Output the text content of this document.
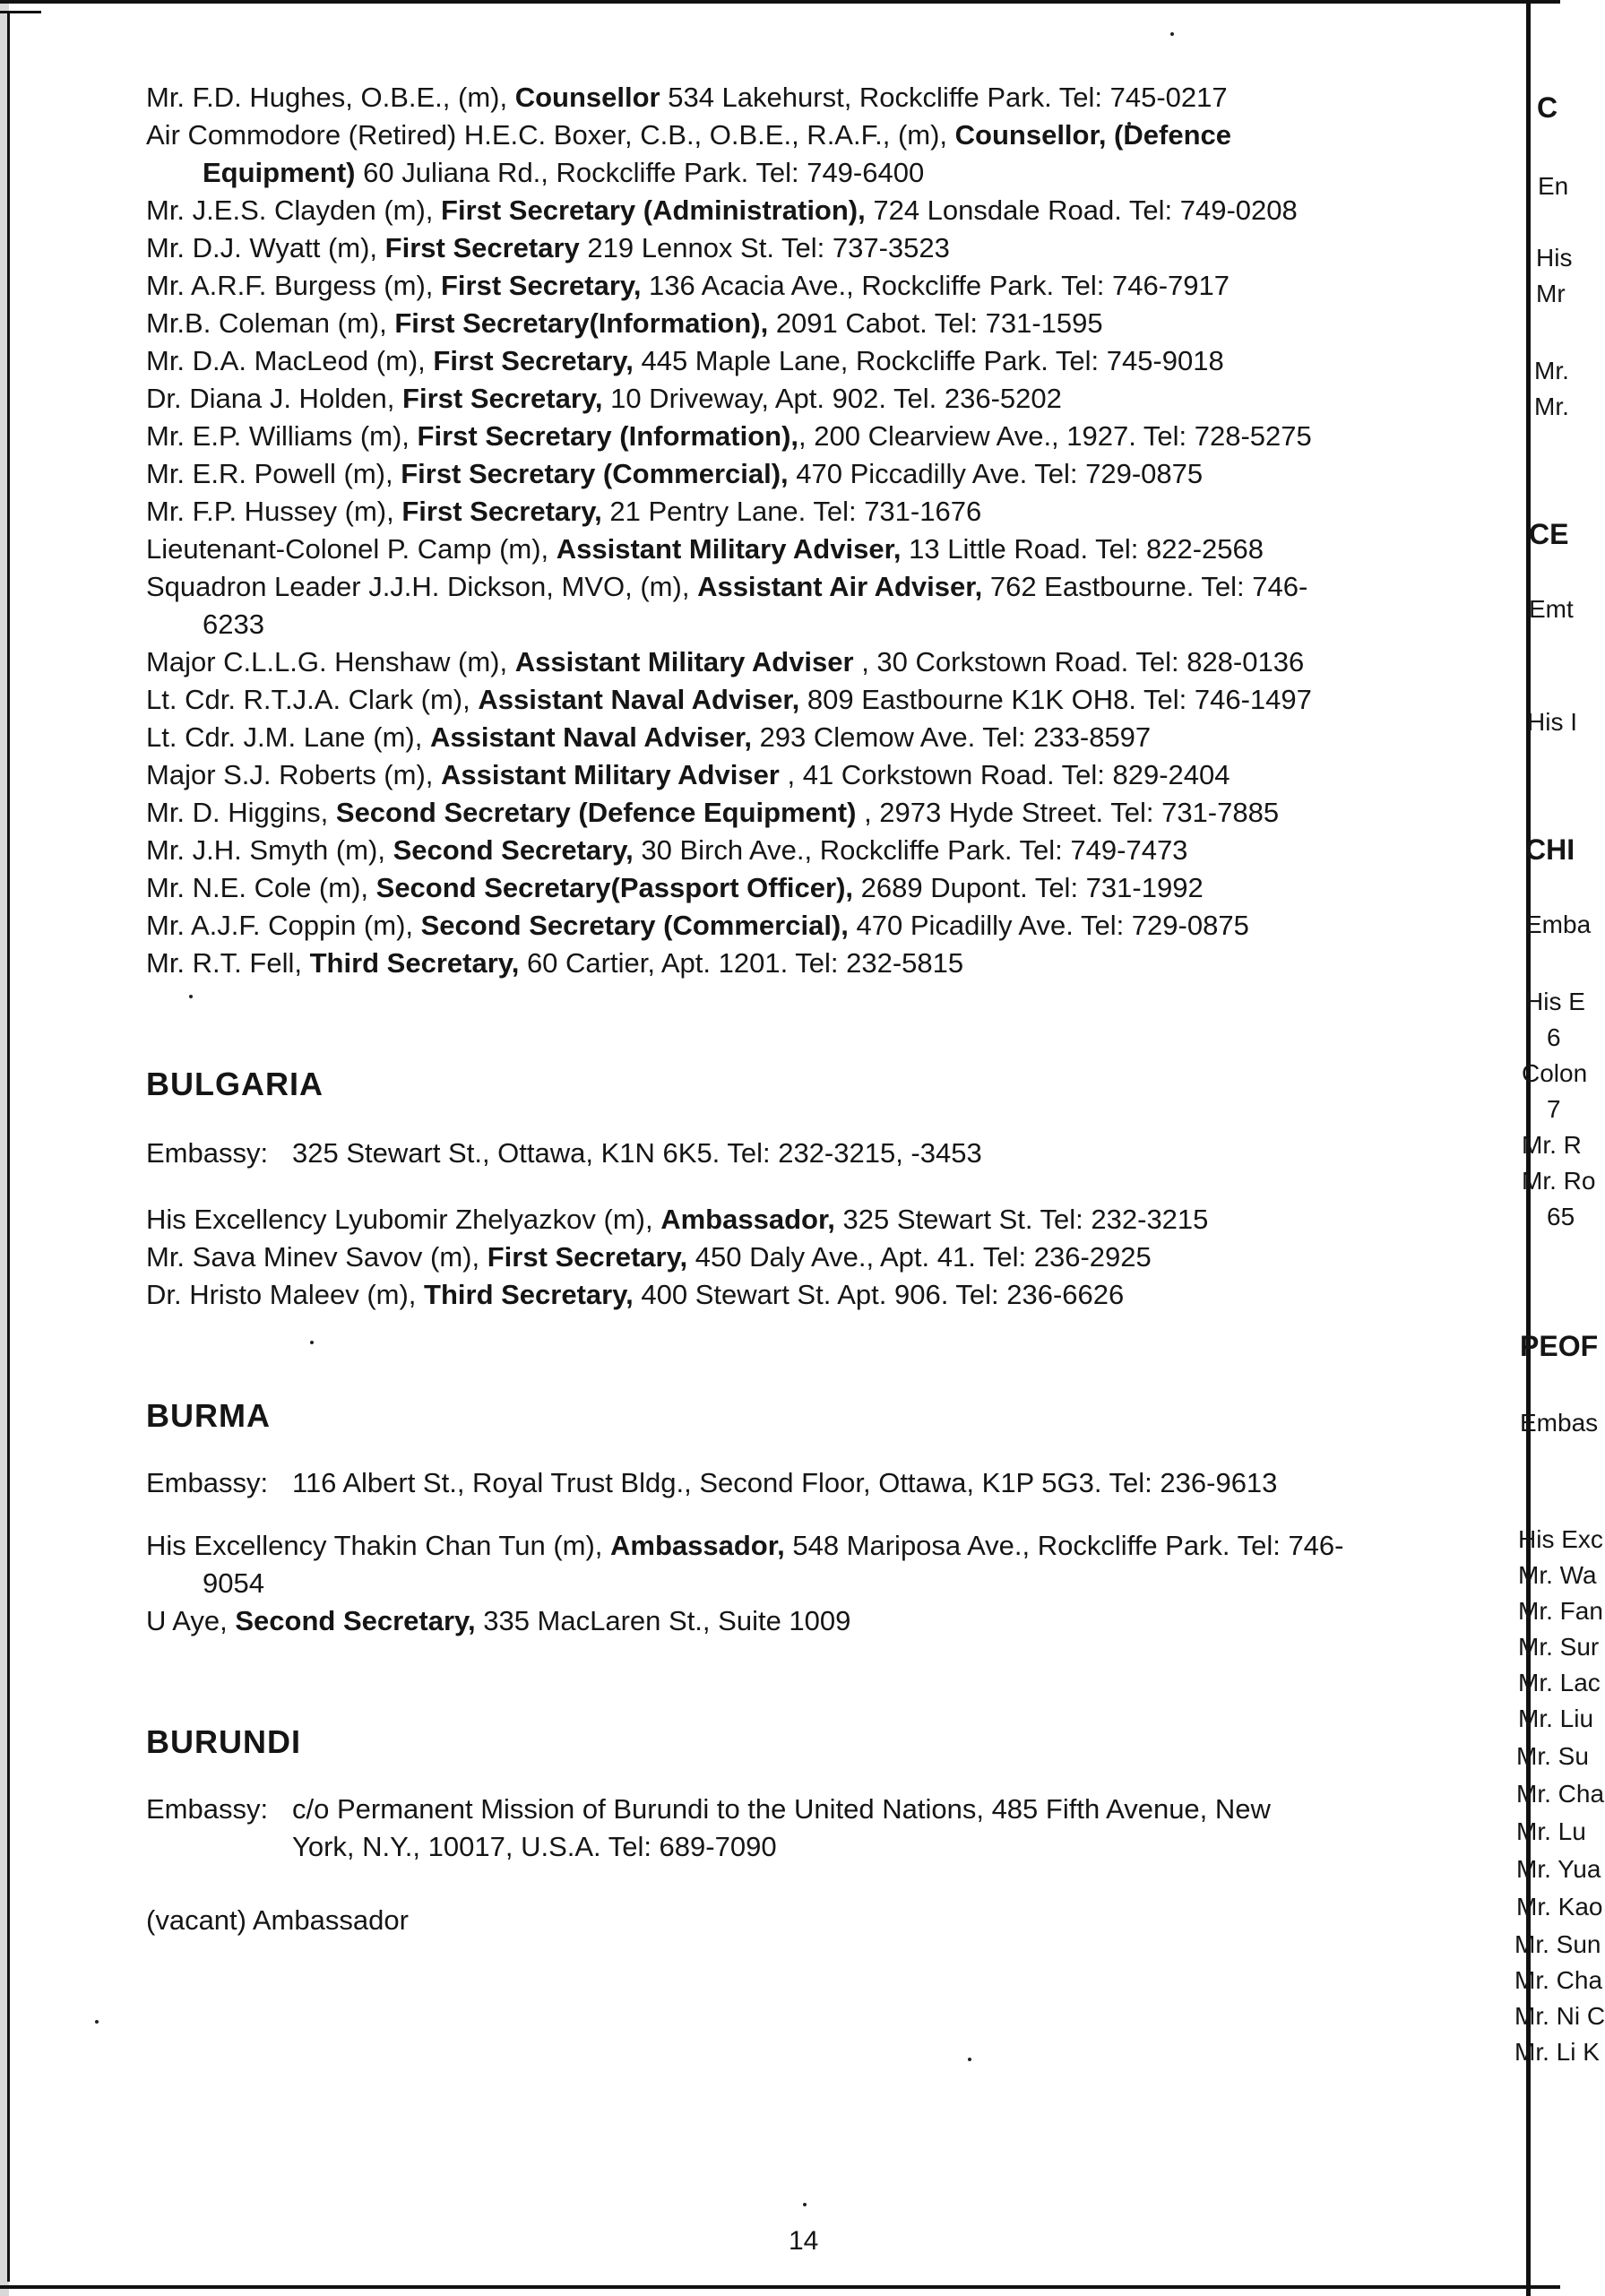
Mr. F.D. Hughes, O.B.E., (m), Counsellor 534 Lakehurst, Rockcliffe Park. Tel: 745-0217

Air Commodore (Retired) H.E.C. Boxer, C.B., O.B.E., R.A.F., (m), Counsellor, (Defence

Equipment) 60 Juliana Rd., Rockcliffe Park. Tel: 749-6400

Mr. J.E.S. Clayden (m), First Secretary (Administration), 724 Lonsdale Road. Tel: 749-0208

Mr. D.J. Wyatt (m), First Secretary 219 Lennox St. Tel: 737-3523

Mr. A.R.F. Burgess (m), First Secretary, 136 Acacia Ave., Rockcliffe Park. Tel: 746-7917

Mr.B. Coleman (m), First Secretary(Information), 2091 Cabot. Tel: 731-1595

Mr. D.A. MacLeod (m), First Secretary, 445 Maple Lane, Rockcliffe Park. Tel: 745-9018

Dr. Diana J. Holden, First Secretary, 10 Driveway, Apt. 902. Tel. 236-5202

Mr. E.P. Williams (m), First Secretary (Information),, 200 Clearview Ave., 1927. Tel: 728-5275

Mr. E.R. Powell (m), First Secretary (Commercial), 470 Piccadilly Ave. Tel: 729-0875

Mr. F.P. Hussey (m), First Secretary, 21 Pentry Lane. Tel: 731-1676

Lieutenant-Colonel P. Camp (m), Assistant Military Adviser, 13 Little Road. Tel: 822-2568

Squadron Leader J.J.H. Dickson, MVO, (m), Assistant Air Adviser, 762 Eastbourne. Tel: 746-

6233

Major C.L.L.G. Henshaw (m), Assistant Military Adviser , 30 Corkstown Road. Tel: 828-0136

Lt. Cdr. R.T.J.A. Clark (m), Assistant Naval Adviser, 809 Eastbourne K1K OH8. Tel: 746-1497

Lt. Cdr. J.M. Lane (m), Assistant Naval Adviser, 293 Clemow Ave. Tel: 233-8597

Major S.J. Roberts (m), Assistant Military Adviser , 41 Corkstown Road. Tel: 829-2404

Mr. D. Higgins, Second Secretary (Defence Equipment) , 2973 Hyde Street. Tel: 731-7885

Mr. J.H. Smyth (m), Second Secretary, 30 Birch Ave., Rockcliffe Park. Tel: 749-7473

Mr. N.E. Cole (m), Second Secretary(Passport Officer), 2689 Dupont. Tel: 731-1992

Mr. A.J.F. Coppin (m), Second Secretary (Commercial), 470 Picadilly Ave. Tel: 729-0875

Mr. R.T. Fell, Third Secretary, 60 Cartier, Apt. 1201. Tel: 232-5815

BULGARIA

Embassy: 325 Stewart St., Ottawa, K1N 6K5. Tel: 232-3215, -3453

His Excellency Lyubomir Zhelyazkov (m), Ambassador, 325 Stewart St. Tel: 232-3215

Mr. Sava Minev Savov (m), First Secretary, 450 Daly Ave., Apt. 41. Tel: 236-2925

Dr. Hristo Maleev (m), Third Secretary, 400 Stewart St. Apt. 906. Tel: 236-6626

BURMA

Embassy: 116 Albert St., Royal Trust Bldg., Second Floor, Ottawa, K1P 5G3. Tel: 236-9613

His Excellency Thakin Chan Tun (m), Ambassador, 548 Mariposa Ave., Rockcliffe Park. Tel: 746-

9054

U Aye, Second Secretary, 335 MacLaren St., Suite 1009

BURUNDI

Embassy: c/o Permanent Mission of Burundi to the United Nations, 485 Fifth Avenue, New

York, N.Y., 10017, U.S.A. Tel: 689-7090

(vacant) Ambassador

14
C
En
His
Mr
Mr.
Mr.
CE
Emt
His I
CHI
Emba
His E
6
Colon
7
Mr. R
Mr. Ro
65
PEOF
Embas
His Exc
Mr. Wa
Mr. Fan
Mr. Sur
Mr. Lac
Mr. Liu
Mr. Su
Mr. Cha
Mr. Lu
Mr. Yua
Mr. Kao
Mr. Sun
Mr. Cha
Mr. Ni C
Mr. Li K
